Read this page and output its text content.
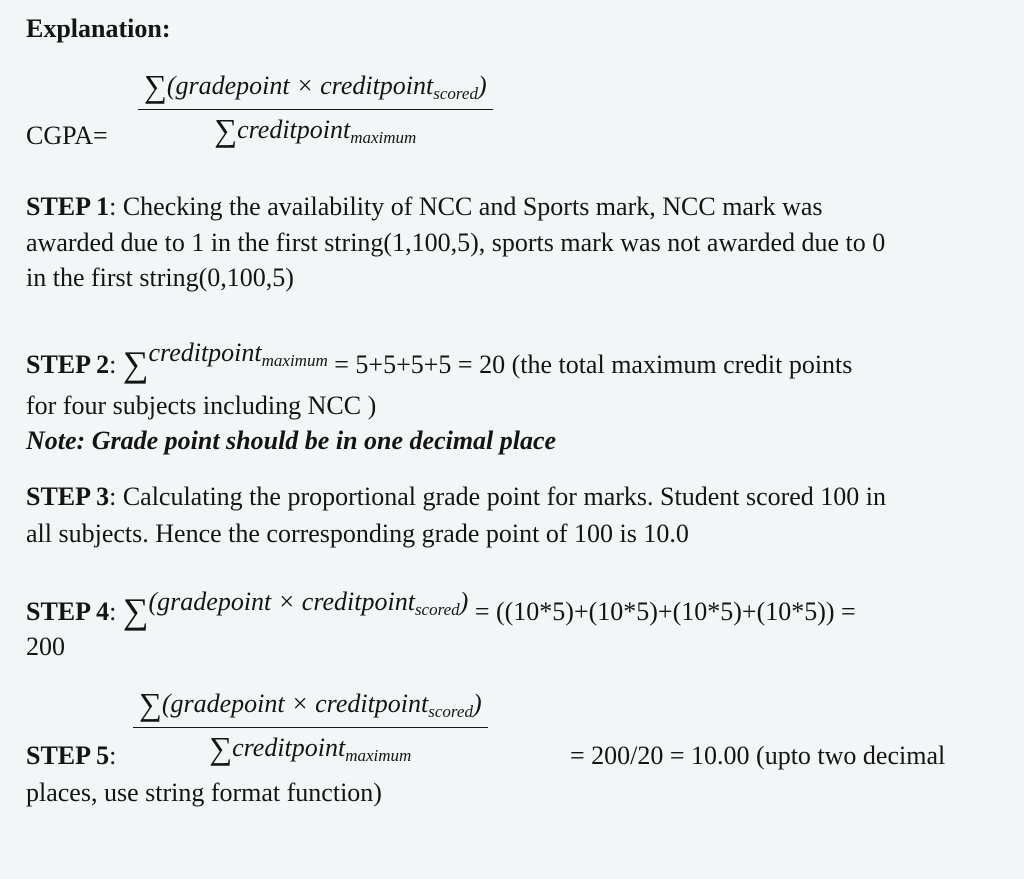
Explanation:
CGPA=
∑(gradepoint × creditpoint$_{scored}$)
∑creditpoint$_{maximum}$
STEP 1: Checking the availability of NCC and Sports mark, NCC mark was
awarded due to 1 in the first string(1,100,5), sports mark was not awarded due to 0
in the first string(0,100,5)
STEP 2: ∑creditpoint$_{maximum}$ = 5+5+5+5 = 20 (the total maximum credit points
for four subjects including NCC )
Note: Grade point should be in one decimal place
STEP 3: Calculating the proportional grade point for marks. Student scored 100 in
all subjects. Hence the corresponding grade point of 100 is 10.0
STEP 4: ∑(gradepoint × creditpoint$_{scored}$) = ((10*5)+(10*5)+(10*5)+(10*5)) =
200
STEP 5:
∑(gradepoint × creditpoint$_{scored}$)
∑creditpoint$_{maximum}$	= 200/20 = 10.00 (upto two decimal
places, use string format function)
